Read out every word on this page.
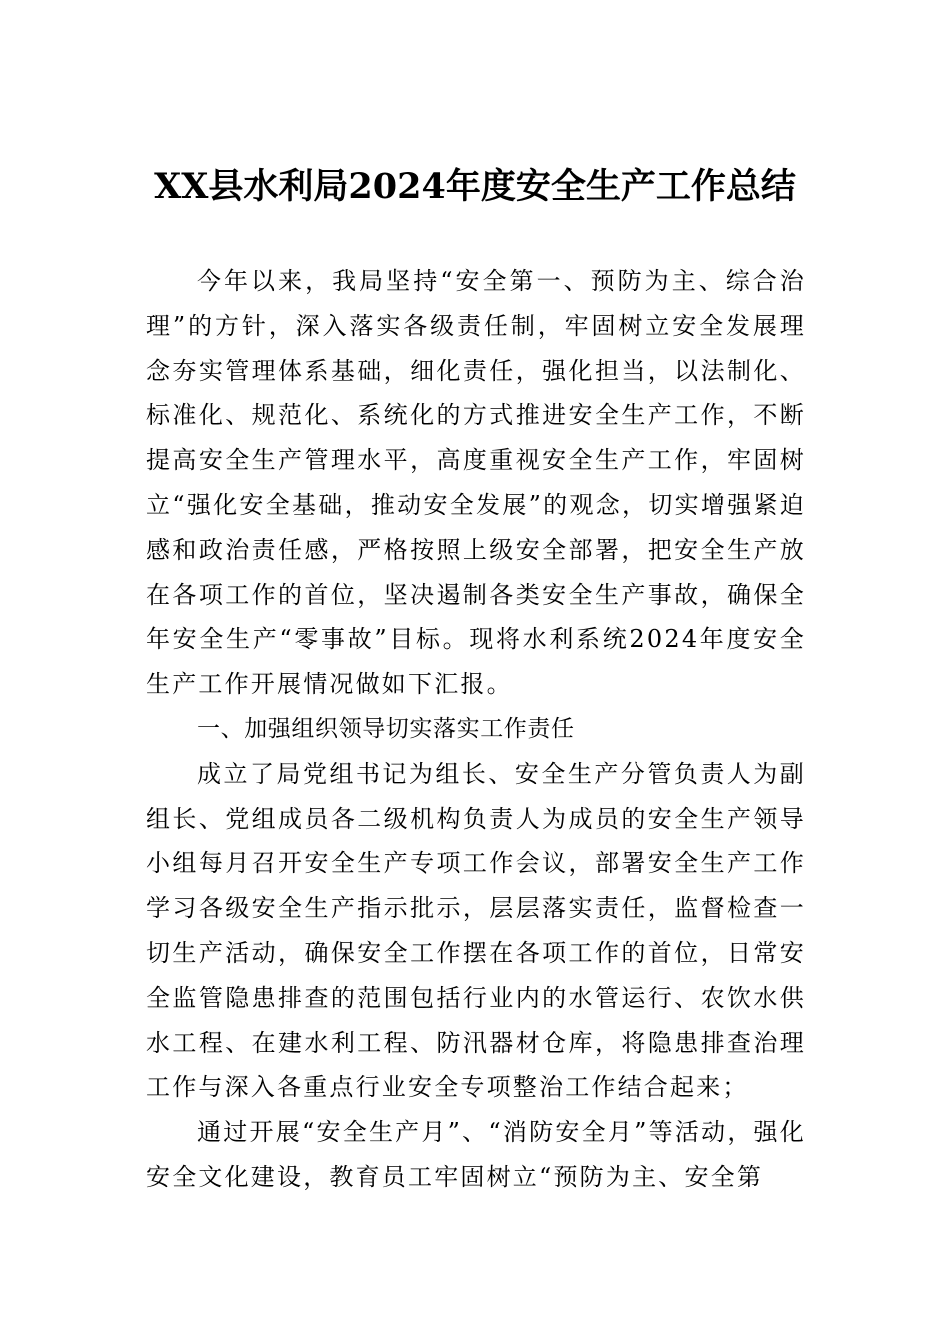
XX县水利局2024年度安全生产工作总结

今年以来，我局坚持“安全第一、预防为主、综合治理”的方针，深入落实各级责任制，牢固树立安全发展理念夯实管理体系基础，细化责任，强化担当，以法制化、标准化、规范化、系统化的方式推进安全生产工作，不断提高安全生产管理水平，高度重视安全生产工作，牢固树立“强化安全基础，推动安全发展”的观念，切实增强紧迫感和政治责任感，严格按照上级安全部署，把安全生产放在各项工作的首位，坚决遏制各类安全生产事故，确保全年安全生产“零事故”目标。现将水利系统2024年度安全生产工作开展情况做如下汇报。

一、加强组织领导切实落实工作责任

成立了局党组书记为组长、安全生产分管负责人为副组长、党组成员各二级机构负责人为成员的安全生产领导小组每月召开安全生产专项工作会议，部署安全生产工作学习各级安全生产指示批示，层层落实责任，监督检查一切生产活动，确保安全工作摆在各项工作的首位，日常安全监管隐患排查的范围包括行业内的水管运行、农饮水供水工程、在建水利工程、防汛器材仓库，将隐患排查治理工作与深入各重点行业安全专项整治工作结合起来；

通过开展“安全生产月”、“消防安全月”等活动，强化安全文化建设，教育员工牢固树立“预防为主、安全第
